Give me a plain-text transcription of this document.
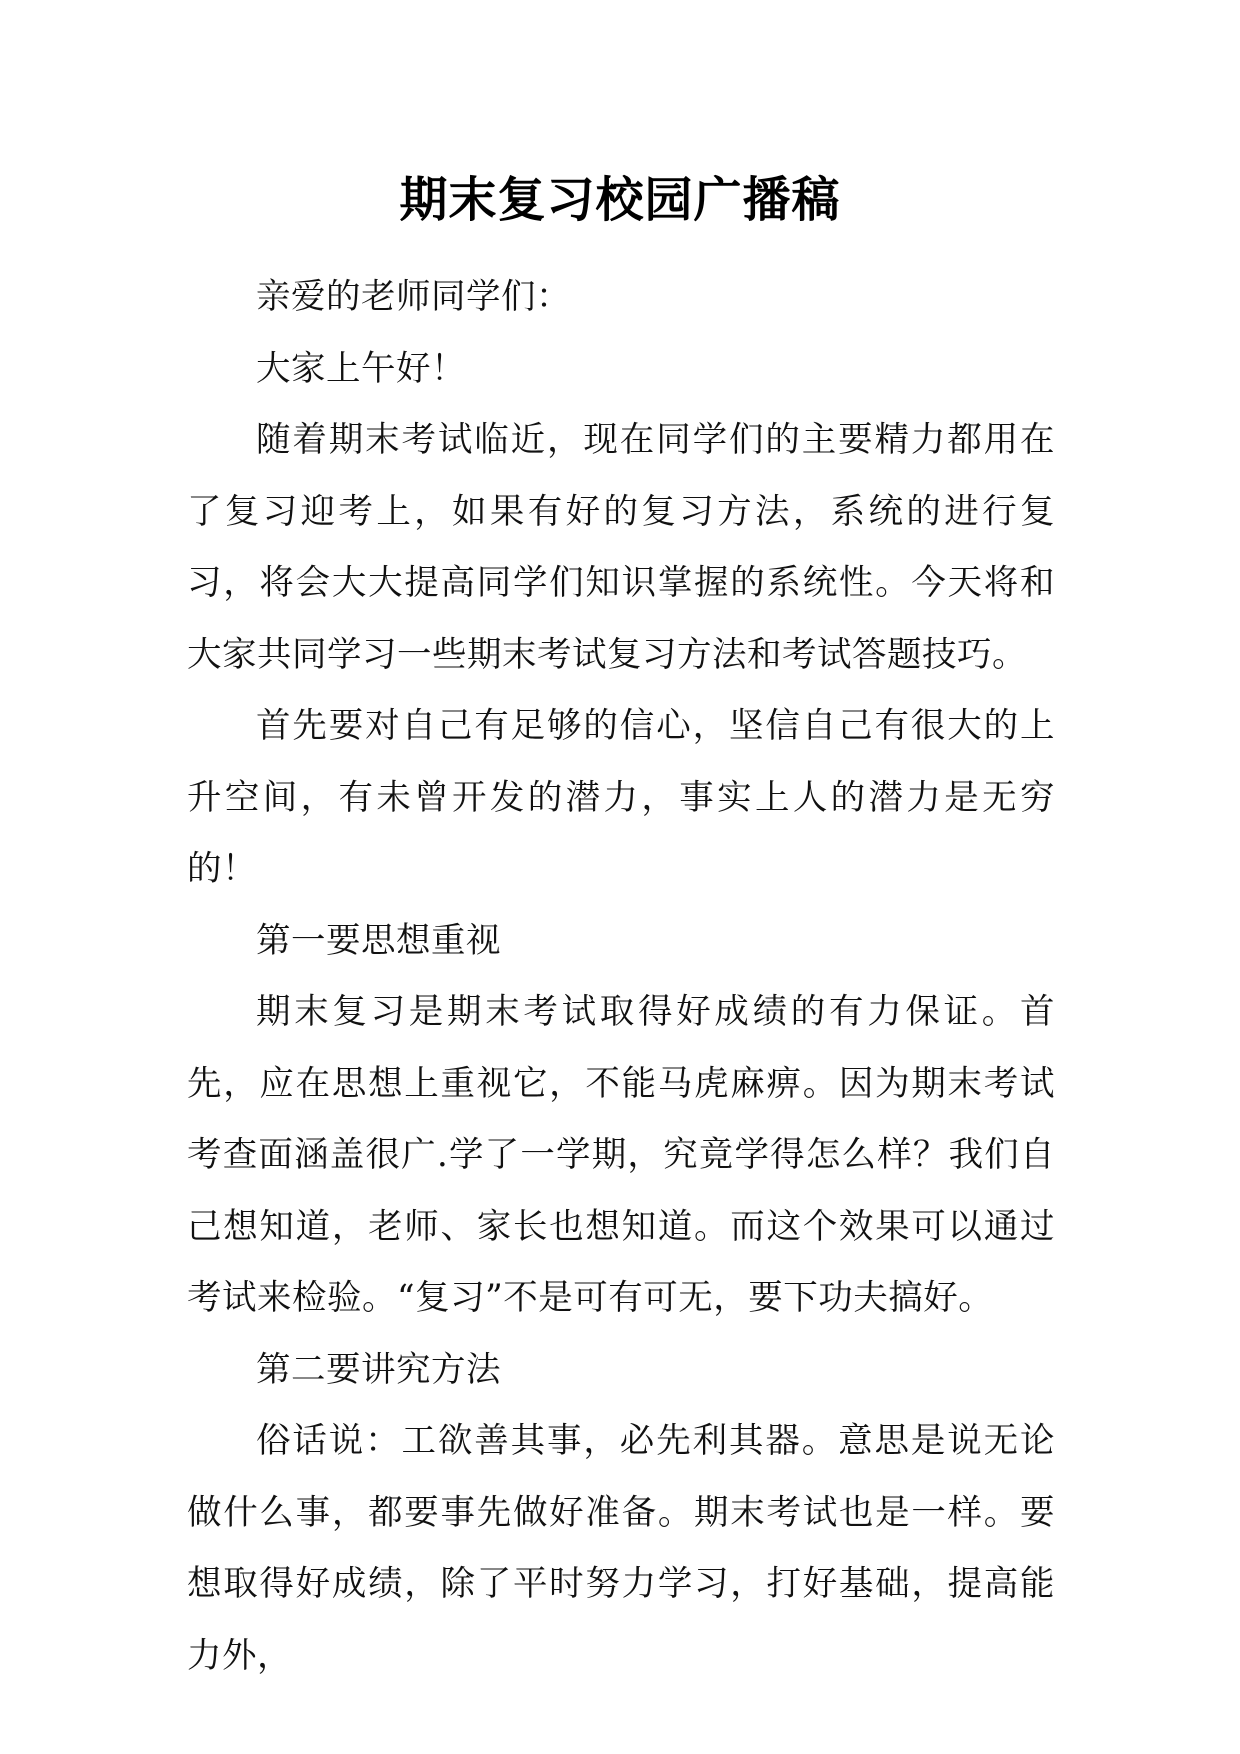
期末复习校园广播稿

亲爱的老师同学们：

大家上午好！

随着期末考试临近，现在同学们的主要精力都用在了复习迎考上，如果有好的复习方法，系统的进行复习，将会大大提高同学们知识掌握的系统性。今天将和大家共同学习一些期末考试复习方法和考试答题技巧。

首先要对自己有足够的信心，坚信自己有很大的上升空间，有未曾开发的潜力，事实上人的潜力是无穷的！

第一要思想重视

期末复习是期末考试取得好成绩的有力保证。首先，应在思想上重视它，不能马虎麻痹。因为期末考试考查面涵盖很广.学了一学期，究竟学得怎么样？我们自己想知道，老师、家长也想知道。而这个效果可以通过考试来检验。“复习”不是可有可无，要下功夫搞好。

第二要讲究方法

俗话说：工欲善其事，必先利其器。意思是说无论做什么事，都要事先做好准备。期末考试也是一样。要想取得好成绩，除了平时努力学习，打好基础，提高能力外，
